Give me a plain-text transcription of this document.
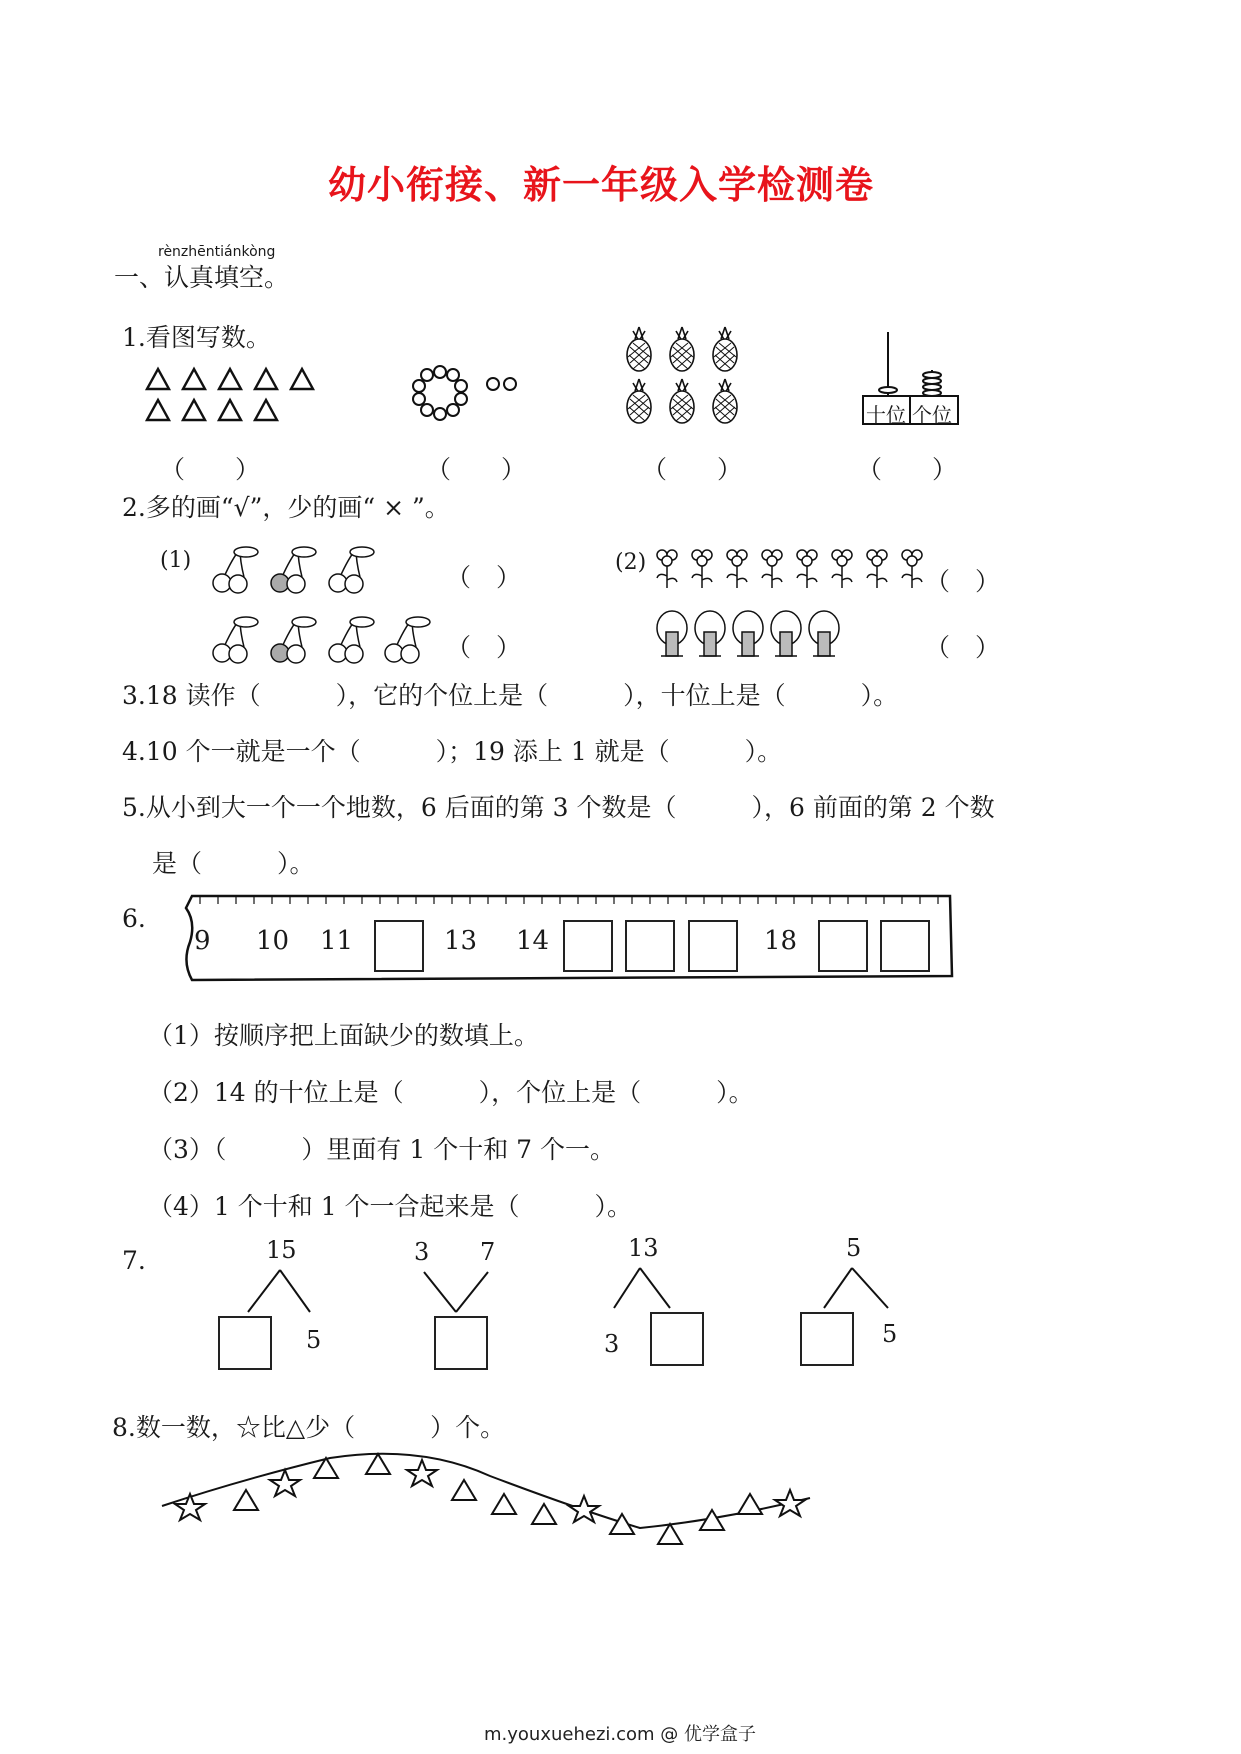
幼小衔接、新一年级入学检测卷
rènzhēntiánkòng
一、认真填空。
1.看图写数。
十位 个位
（　　）	（　　）	（　　）	（　　）
2.多的画“√”，少的画“ × ”。
(1)	(2)
（　）
（　）
（　）
（　）
3.18 读作（　　　），它的个位上是（　　　），十位上是（　　　）。
4.10 个一就是一个（　　　）；19 添上 1 就是（　　　）。
5.从小到大一个一个地数，6 后面的第 3 个数是（　　　），6 前面的第 2 个数
是（　　　）。
6.
9 10 11	13 14	18
（1）按顺序把上面缺少的数填上。
（2）14 的十位上是（　　　），个位上是（　　　）。
（3）（　　　）里面有 1 个十和 7 个一。
（4）1 个十和 1 个一合起来是（　　　）。
7.	15
5
3 7	13
3
5
5
8.数一数，☆比△少（　　　）个。
m.youxuehezi.com @ 优学盒子
